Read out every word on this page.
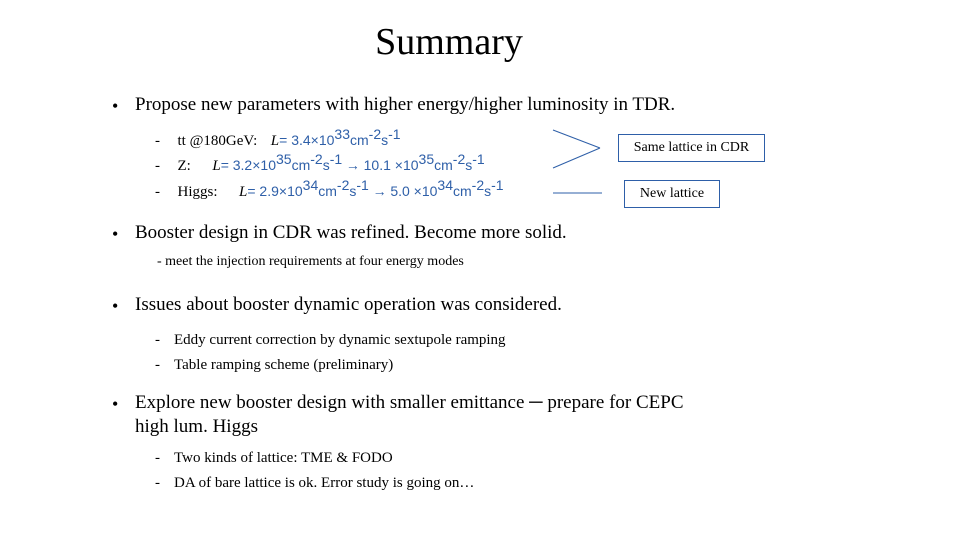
Summary
• Propose new parameters with higher energy/higher luminosity in TDR.
- tt @180GeV: $L= 3.4\times 10^{33}cm^{-2}s^{-1}$
- Z: $L= 3.2\times 10^{35}cm^{-2}s^{-1} \to 10.1 \times 10^{35}cm^{-2}s^{-1}$
- Higgs: $L= 2.9\times 10^{34}cm^{-2}s^{-1} \to 5.0 \times 10^{34}cm^{-2}s^{-1}$
Same lattice in CDR
New lattice
• Booster design in CDR was refined. Become more solid.
- meet the injection requirements at four energy modes
• Issues about booster dynamic operation was considered.
- Eddy current correction by dynamic sextupole ramping
- Table ramping scheme (preliminary)
• Explore new booster design with smaller emittance ─ prepare for CEPC
high lum. Higgs
- Two kinds of lattice: TME & FODO
- DA of bare lattice is ok. Error study is going on…
